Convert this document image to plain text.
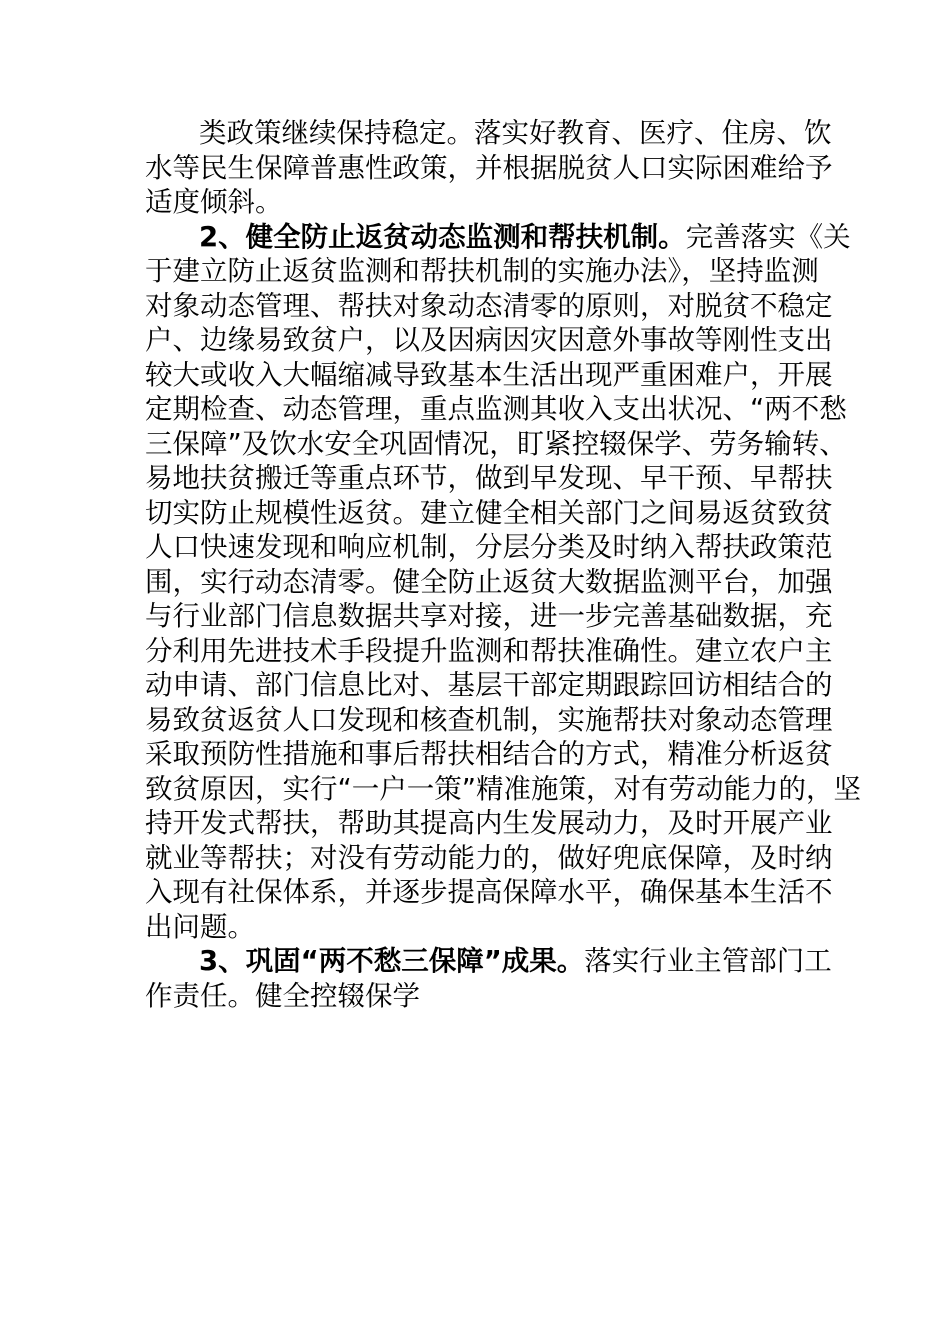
类政策继续保持稳定。落实好教育、医疗、住房、饮
水等民生保障普惠性政策，并根据脱贫人口实际困难给予
适度倾斜。
2、健全防止返贫动态监测和帮扶机制。完善落实《关
于建立防止返贫监测和帮扶机制的实施办法》，坚持监测
对象动态管理、帮扶对象动态清零的原则，对脱贫不稳定
户、边缘易致贫户，以及因病因灾因意外事故等刚性支出
较大或收入大幅缩减导致基本生活出现严重困难户，开展
定期检查、动态管理，重点监测其收入支出状况、“两不愁
三保障”及饮水安全巩固情况，盯紧控辍保学、劳务输转、
易地扶贫搬迁等重点环节，做到早发现、早干预、早帮扶
切实防止规模性返贫。建立健全相关部门之间易返贫致贫
人口快速发现和响应机制，分层分类及时纳入帮扶政策范
围，实行动态清零。健全防止返贫大数据监测平台，加强
与行业部门信息数据共享对接，进一步完善基础数据，充
分利用先进技术手段提升监测和帮扶准确性。建立农户主
动申请、部门信息比对、基层干部定期跟踪回访相结合的
易致贫返贫人口发现和核查机制，实施帮扶对象动态管理
采取预防性措施和事后帮扶相结合的方式，精准分析返贫
致贫原因，实行“一户一策”精准施策，对有劳动能力的，坚
持开发式帮扶，帮助其提高内生发展动力，及时开展产业
就业等帮扶；对没有劳动能力的，做好兜底保障，及时纳
入现有社保体系，并逐步提高保障水平，确保基本生活不
出问题。
3、巩固“两不愁三保障”成果。落实行业主管部门工
作责任。健全控辍保学
